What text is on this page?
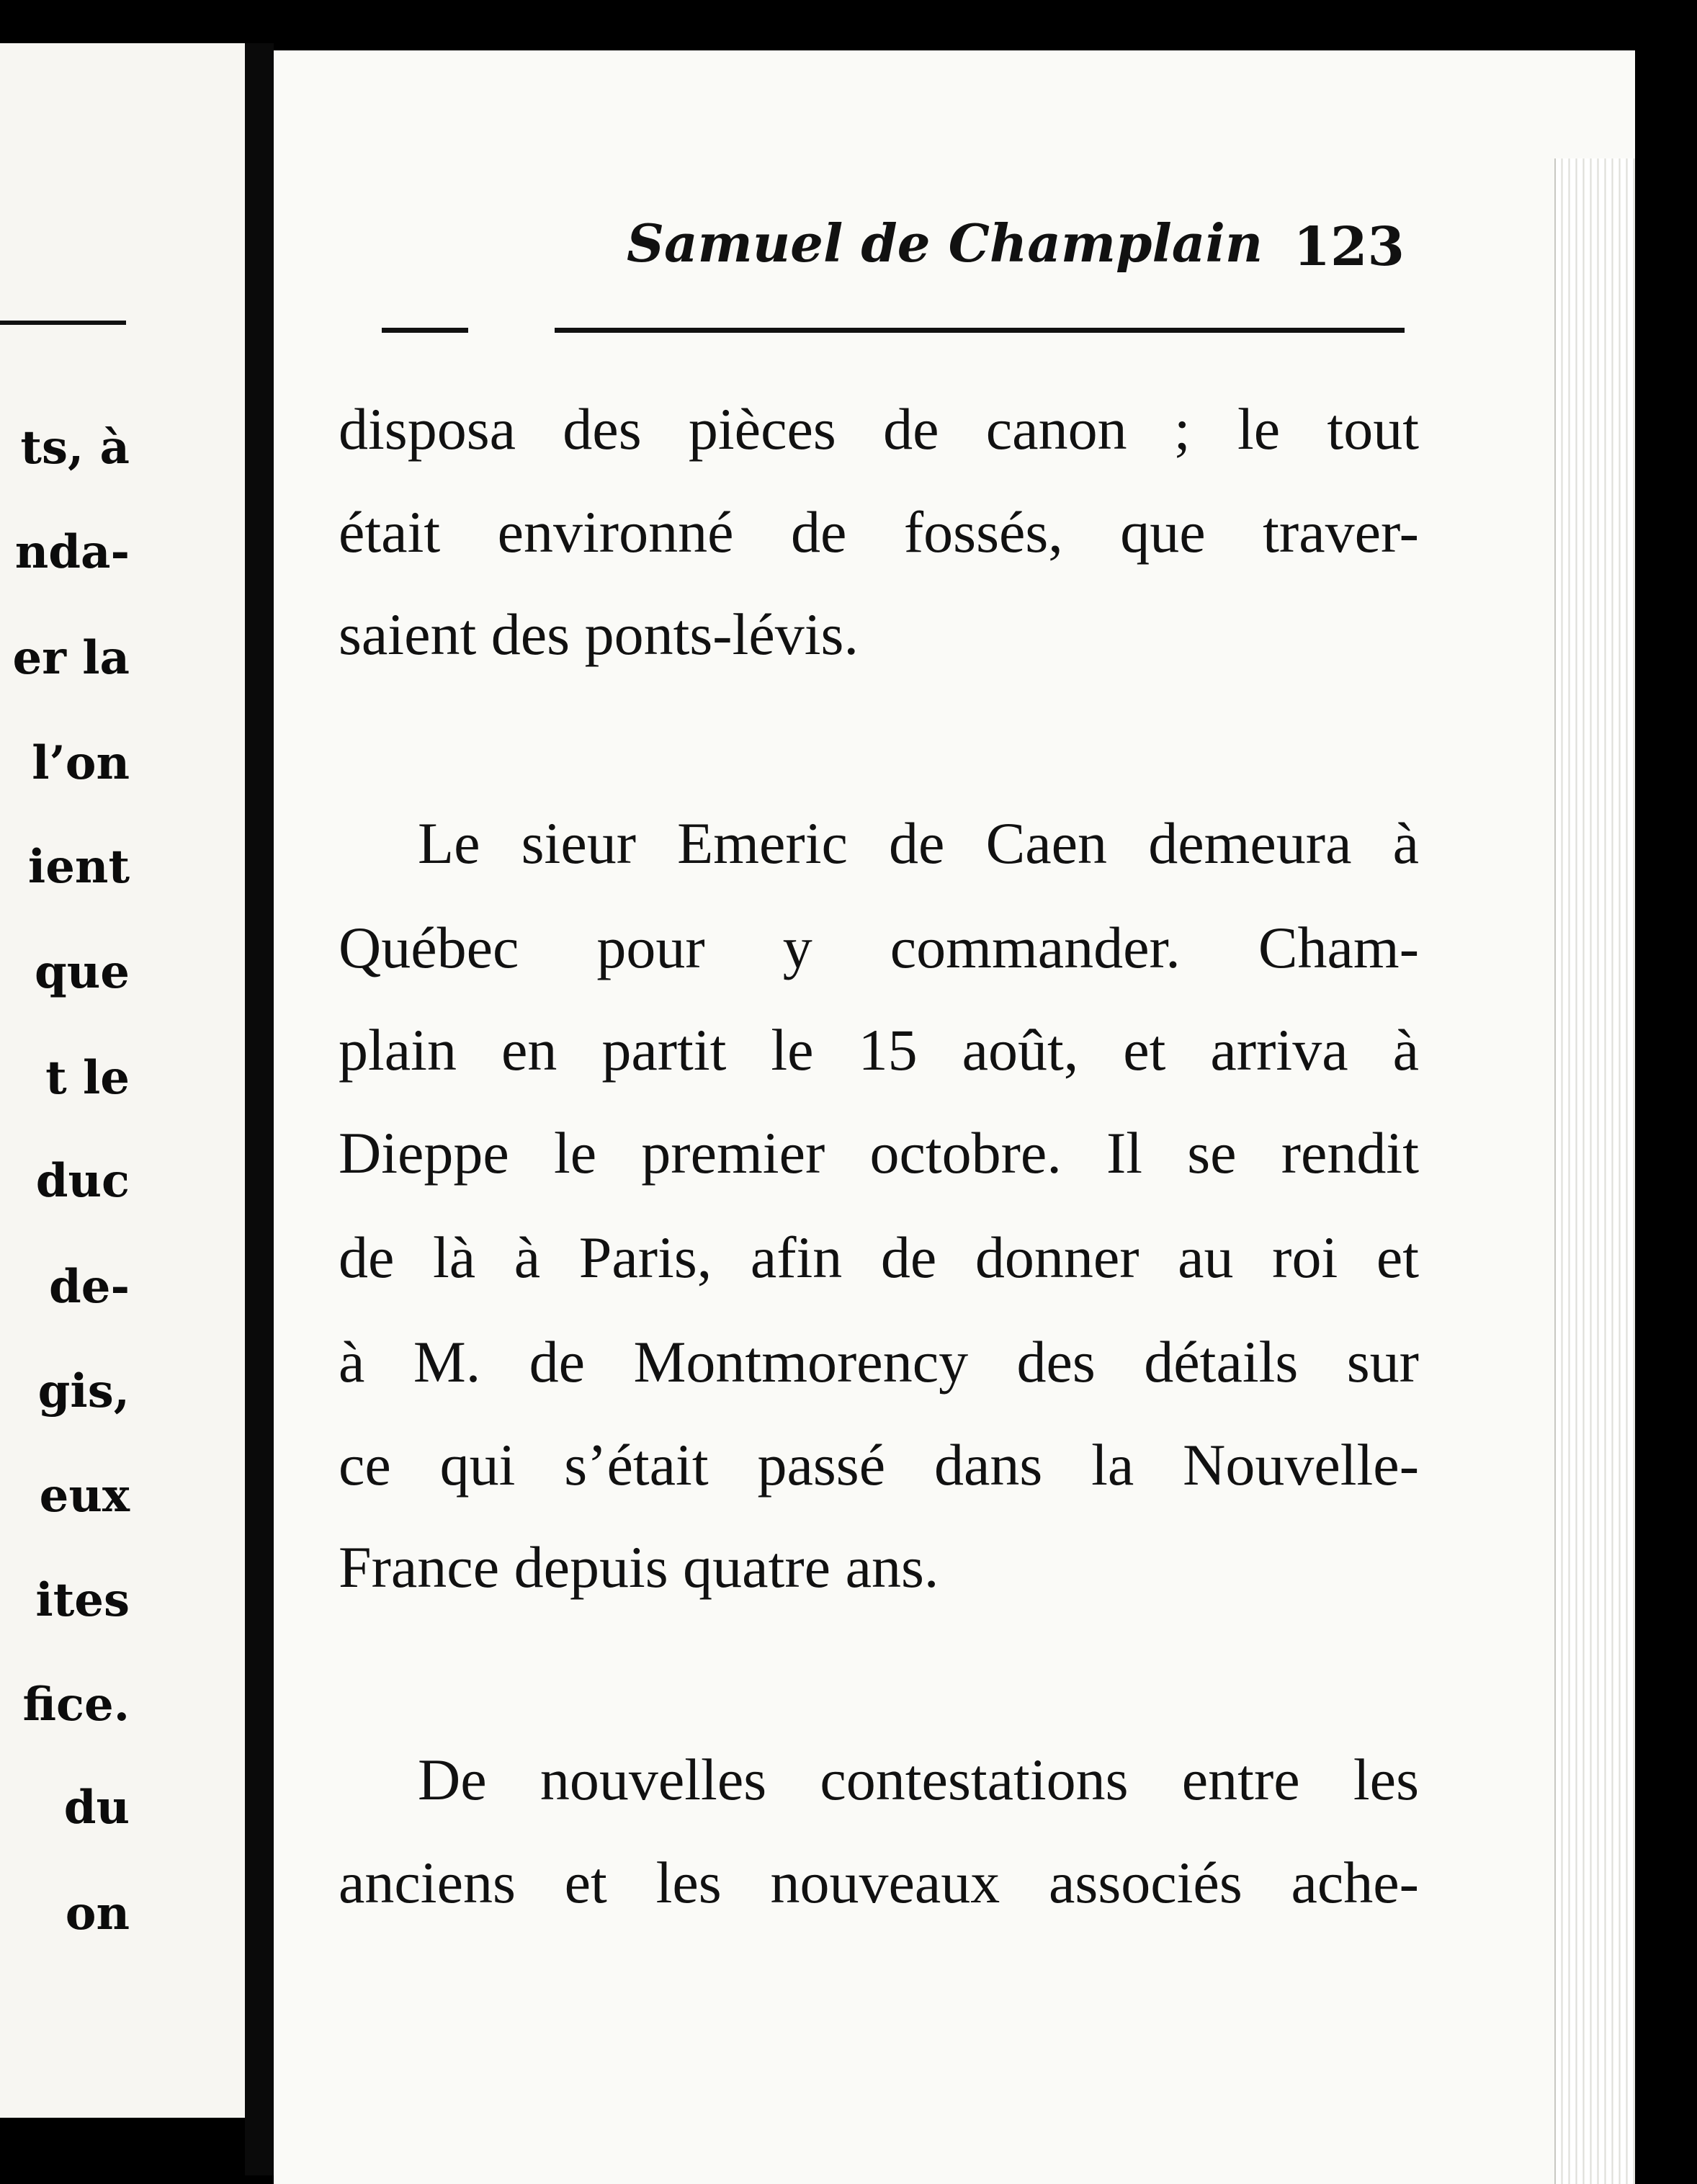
ts, à
nda-
er la
l’on
ient
que
t le
duc
de-
gis,
eux
ites
fice.
du
on
Samuel de Champlain 123
disposa des pièces de canon ; le tout
était environné de fossés, que traver-
saient des ponts-lévis.
Le sieur Emeric de Caen demeura à
Québec pour y commander. Cham-
plain en partit le 15 août, et arriva à
Dieppe le premier octobre. Il se rendit
de là à Paris, afin de donner au roi et
à M. de Montmorency des détails sur
ce qui s’était passé dans la Nouvelle-
France depuis quatre ans.
De nouvelles contestations entre les
anciens et les nouveaux associés ache-
